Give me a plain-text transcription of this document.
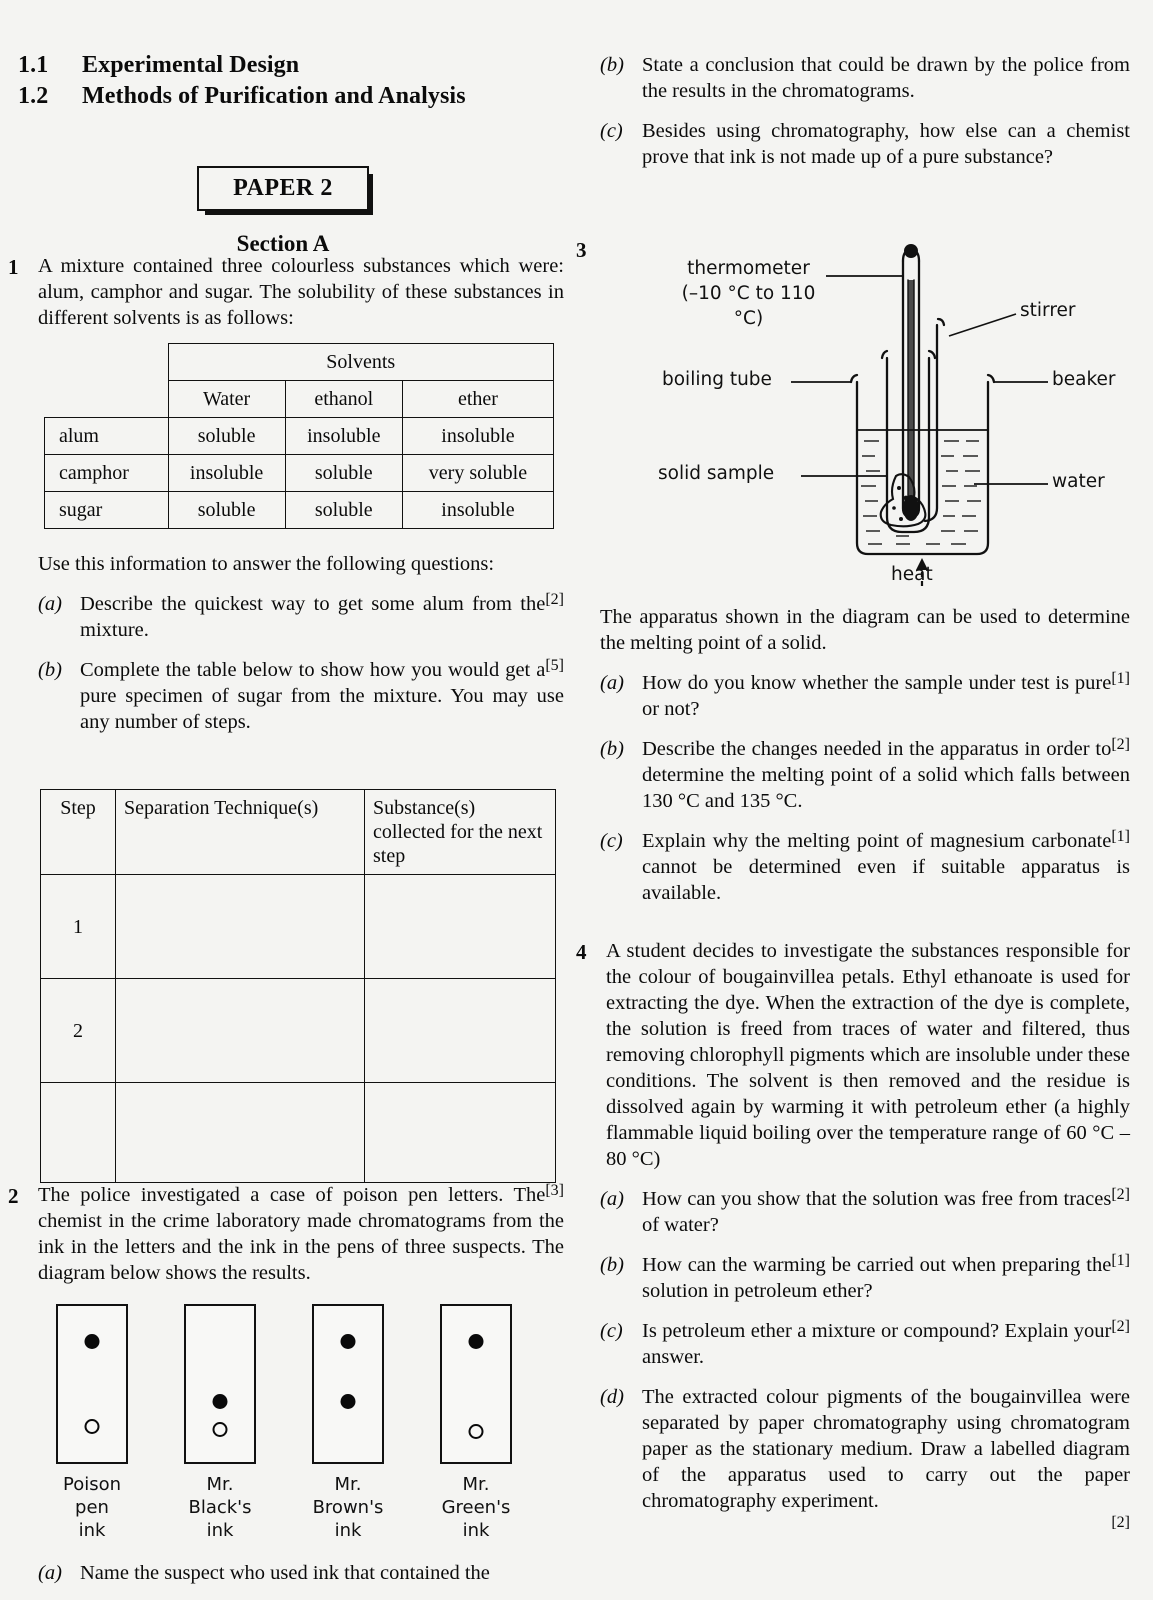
1.1	Experimental Design
1.2	Methods of Purification and Analysis
PAPER 2
Section A
1 A mixture contained three colourless substances which were: alum, camphor and sugar. The solubility of these substances in different solvents is as follows:

	Solvents		
	Water	ethanol	ether
alum	soluble	insoluble	insoluble
camphor	insoluble	soluble	very soluble
sugar	soluble	soluble	insoluble

Use this information to answer the following questions:

(a)	[2]

Describe the quickest way to get some alum from the mixture.

(b)	[5]

Complete the table below to show how you would get a pure specimen of sugar from the mixture. You may use any number of steps.

Step	Separation Technique(s)	Substance(s) collected for the next step
1		
2		

2	[3]

The police investigated a case of poison pen letters. The chemist in the crime laboratory made chromatograms from the ink in the letters and the ink in the pens of three suspects. The diagram below shows the results.

Poison pen
ink
Mr. Black's
ink
Mr. Brown's
ink
Mr. Green's
ink
(a) Name the suspect who used ink that contained the

(b) State a conclusion that could be drawn by the police from the results in the chromatograms.

(c) Besides using chromatography, how else can a chemist prove that ink is not made up of a pure substance?

3
thermometer
(–10 °C to 110 °C)	stirrer
boiling tube	beaker
solid sample	water
heat

The apparatus shown in the diagram can be used to determine the melting point of a solid.

(a)	[1]

How do you know whether the sample under test is pure or not?

(b)	[2]

Describe the changes needed in the apparatus in order to determine the melting point of a solid which falls between 130 °C and 135 °C.

(c)	[1]

Explain why the melting point of magnesium carbonate cannot be determined even if suitable apparatus is available.

4 A student decides to investigate the substances responsible for the colour of bougainvillea petals. Ethyl ethanoate is used for extracting the dye. When the extraction of the dye is complete, the solution is freed from traces of water and filtered, thus removing chlorophyll pigments which are insoluble under these conditions. The solvent is then removed and the residue is dissolved again by warming it with petroleum ether (a highly flammable liquid boiling over the temperature range of 60 °C – 80 °C)

(a)	[2]

How can you show that the solution was free from traces of water?

(b)	[1]

How can the warming be carried out when preparing the solution in petroleum ether?

(c)	[2]

Is petroleum ether a mixture or compound? Explain your answer.

(d) The extracted colour pigments of the bougainvillea were separated by paper chromatography using chromatogram paper as the stationary medium. Draw a labelled diagram of the apparatus used to carry out the paper chromatography experiment.

[2]
